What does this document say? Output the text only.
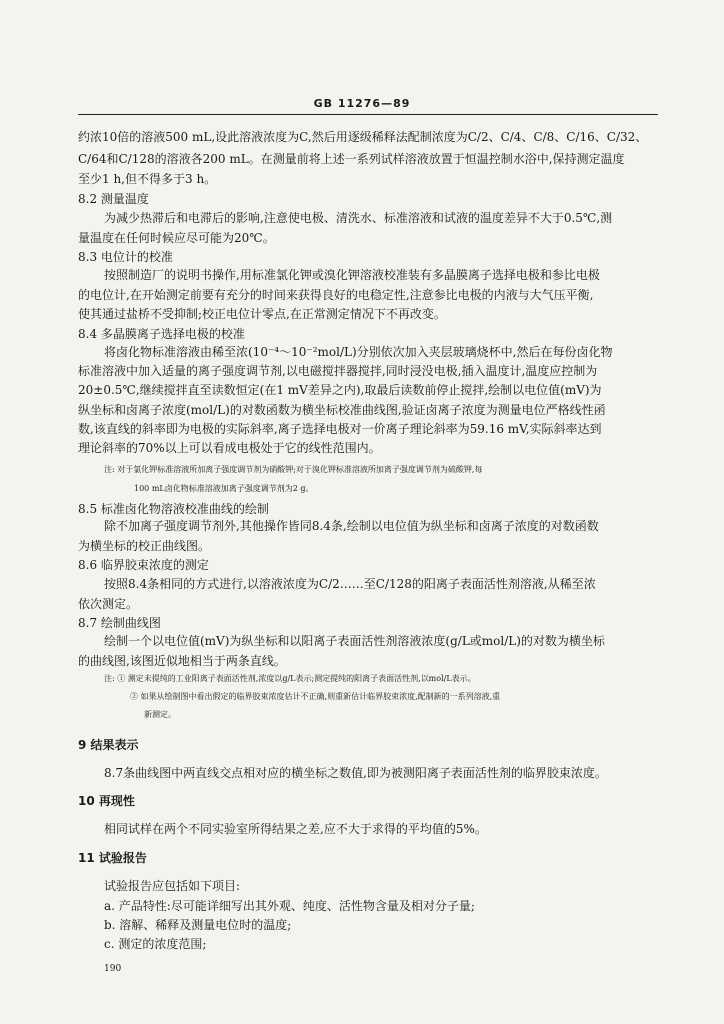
GB 11276—89
约浓10倍的溶液500 mL,设此溶液浓度为C,然后用逐级稀释法配制浓度为C/2、C/4、C/8、C/16、C/32、
C/64和C/128的溶液各200 mL。在测量前将上述一系列试样溶液放置于恒温控制水浴中,保持测定温度
至少1 h,但不得多于3 h。
8.2 测量温度
为减少热滞后和电滞后的影响,注意使电极、清洗水、标准溶液和试液的温度差异不大于0.5℃,测
量温度在任何时候应尽可能为20℃。
8.3 电位计的校准
按照制造厂的说明书操作,用标准氯化钾或溴化钾溶液校准装有多晶膜离子选择电极和参比电极
的电位计,在开始测定前要有充分的时间来获得良好的电稳定性,注意参比电极的内液与大气压平衡,
使其通过盐桥不受抑制;校正电位计零点,在正常测定情况下不再改变。
8.4 多晶膜离子选择电极的校准
将卤化物标准溶液由稀至浓(10⁻⁴～10⁻²mol/L)分别依次加入夹层玻璃烧杯中,然后在每份卤化物
标准溶液中加入适量的离子强度调节剂,以电磁搅拌器搅拌,同时浸没电极,插入温度计,温度应控制为
20±0.5℃,继续搅拌直至读数恒定(在1 mV差异之内),取最后读数前停止搅拌,绘制以电位值(mV)为
纵坐标和卤离子浓度(mol/L)的对数函数为横坐标校准曲线图,验证卤离子浓度为测量电位严格线性函
数,该直线的斜率即为电极的实际斜率,离子选择电极对一价离子理论斜率为59.16 mV,实际斜率达到
理论斜率的70%以上可以看成电极处于它的线性范围内。
注: 对于氯化钾标准溶液所加离子强度调节剂为硝酸钾;对于溴化钾标准溶液所加离子强度调节剂为硫酸钾,每
100 mL卤化物标准溶液加离子强度调节剂为2 g。
8.5 标准卤化物溶液校准曲线的绘制
除不加离子强度调节剂外,其他操作皆同8.4条,绘制以电位值为纵坐标和卤离子浓度的对数函数
为横坐标的校正曲线图。
8.6 临界胶束浓度的测定
按照8.4条相同的方式进行,以溶液浓度为C/2……至C/128的阳离子表面活性剂溶液,从稀至浓
依次测定。
8.7 绘制曲线图
绘制一个以电位值(mV)为纵坐标和以阳离子表面活性剂溶液浓度(g/L或mol/L)的对数为横坐标
的曲线图,该图近似地相当于两条直线。
注: ① 测定未提纯的工业阳离子表面活性剂,浓度以g/L表示;测定提纯的阳离子表面活性剂,以mol/L表示。
② 如果从绘制图中看出假定的临界胶束浓度估计不正确,则重新估计临界胶束浓度,配制新的一系列溶液,重
新测定。
9 结果表示
8.7条曲线图中两直线交点相对应的横坐标之数值,即为被测阳离子表面活性剂的临界胶束浓度。
10 再现性
相同试样在两个不同实验室所得结果之差,应不大于求得的平均值的5%。
11 试验报告
试验报告应包括如下项目:
a. 产品特性:尽可能详细写出其外观、纯度、活性物含量及相对分子量;
b. 溶解、稀释及测量电位时的温度;
c. 测定的浓度范围;
190
